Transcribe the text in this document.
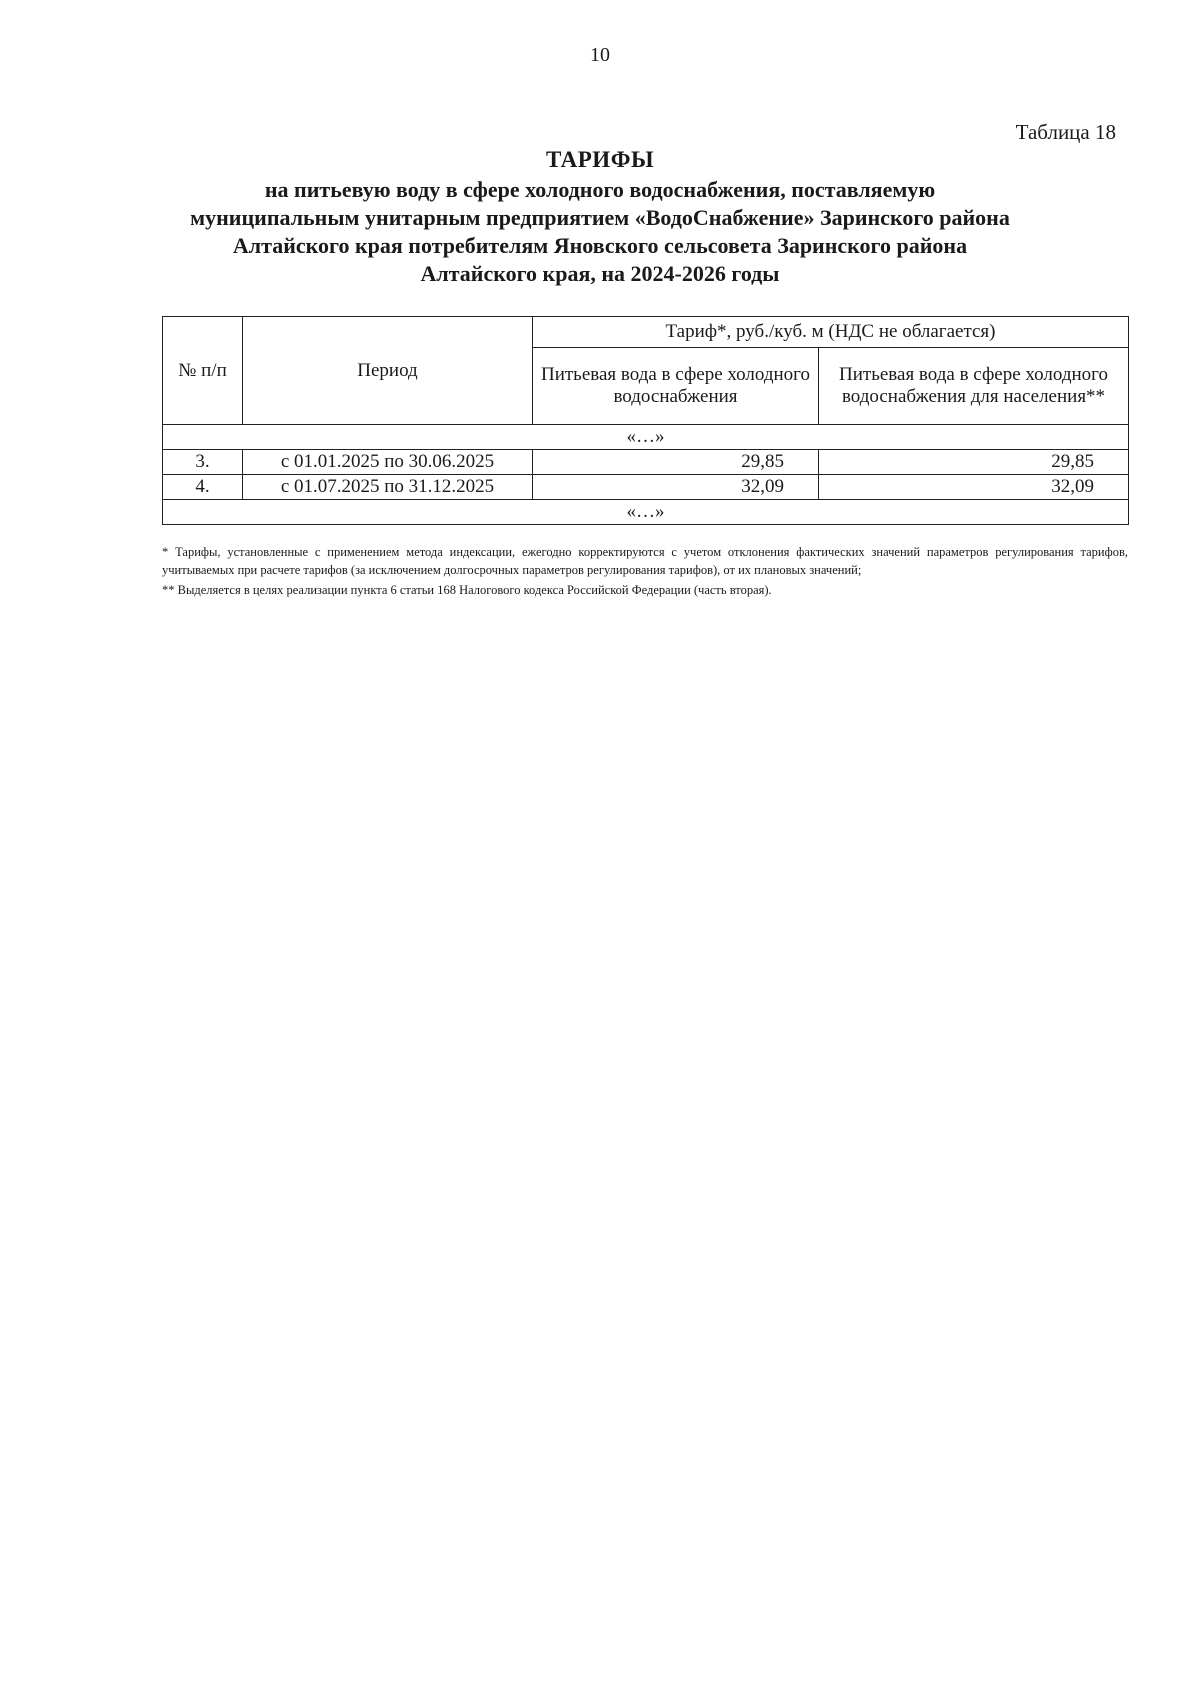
10
Таблица 18
ТАРИФЫ
на питьевую воду в сфере холодного водоснабжения, поставляемую
муниципальным унитарным предприятием «ВодоСнабжение» Заринского района
Алтайского края потребителям Яновского сельсовета Заринского района
Алтайского края, на 2024-2026 годы
№ п/п	Период	Тариф*, руб./куб. м (НДС не облагается)	
		Питьевая вода в сфере холодного водоснабжения	Питьевая вода в сфере холодного водоснабжения для населения**
«…»			
3.	с 01.01.2025 по 30.06.2025	29,85	29,85
4.	с 01.07.2025 по 31.12.2025	32,09	32,09
«…»			

* Тарифы, установленные с применением метода индексации, ежегодно корректируются с учетом отклонения фактических значений параметров регулирования тарифов, учитываемых при расчете тарифов (за исключением долгосрочных параметров регулирования тарифов), от их плановых значений;

** Выделяется в целях реализации пункта 6 статьи 168 Налогового кодекса Российской Федерации (часть вторая).
